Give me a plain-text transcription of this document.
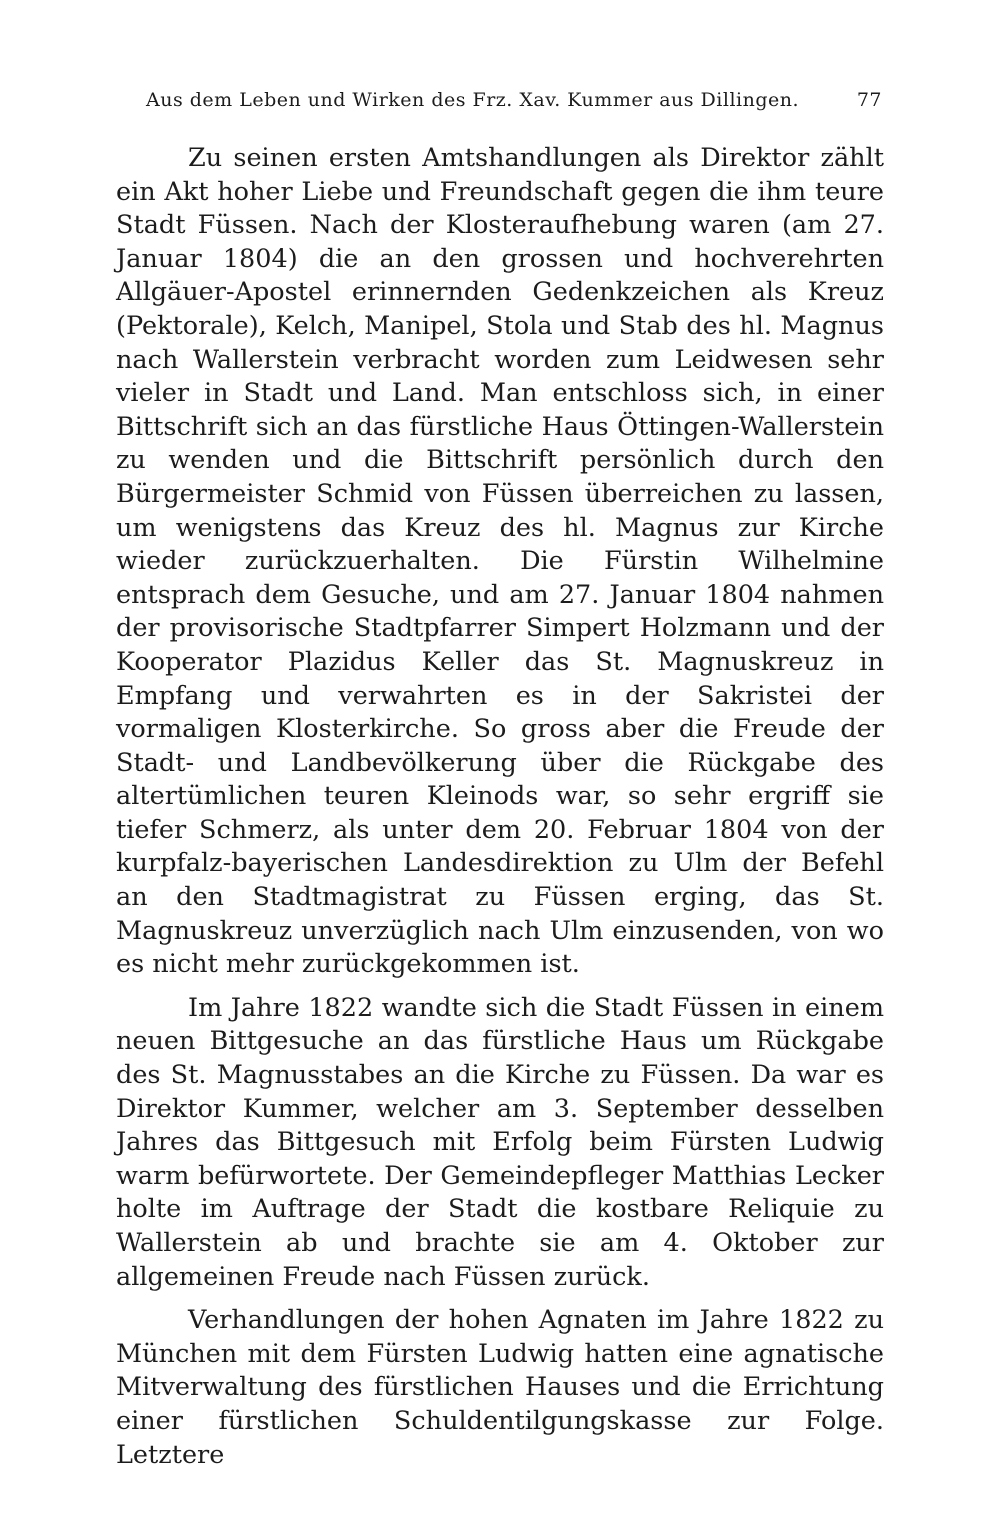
Aus dem Leben und Wirken des Frz. Xav. Kummer aus Dillingen.	77

Zu seinen ersten Amtshandlungen als Direktor zählt ein Akt hoher Liebe und Freundschaft gegen die ihm teure Stadt Füssen. Nach der Klosteraufhebung waren (am 27. Januar 1804) die an den grossen und hochverehrten Allgäuer-Apostel erinnernden Gedenkzeichen als Kreuz (Pektorale), Kelch, Manipel, Stola und Stab des hl. Magnus nach Wallerstein verbracht worden zum Leidwesen sehr vieler in Stadt und Land. Man entschloss sich, in einer Bittschrift sich an das fürstliche Haus Öttingen-Wallerstein zu wenden und die Bittschrift persönlich durch den Bürgermeister Schmid von Füssen überreichen zu lassen, um wenigstens das Kreuz des hl. Magnus zur Kirche wieder zurückzuerhalten. Die Fürstin Wilhelmine entsprach dem Gesuche, und am 27. Januar 1804 nahmen der provisorische Stadtpfarrer Simpert Holzmann und der Kooperator Plazidus Keller das St. Magnuskreuz in Empfang und verwahrten es in der Sakristei der vormaligen Klosterkirche. So gross aber die Freude der Stadt- und Landbevölkerung über die Rückgabe des altertümlichen teuren Kleinods war, so sehr ergriff sie tiefer Schmerz, als unter dem 20. Februar 1804 von der kurpfalz-bayerischen Landesdirektion zu Ulm der Befehl an den Stadtmagistrat zu Füssen erging, das St. Magnuskreuz unverzüglich nach Ulm einzusenden, von wo es nicht mehr zurückgekommen ist.

Im Jahre 1822 wandte sich die Stadt Füssen in einem neuen Bittgesuche an das fürstliche Haus um Rückgabe des St. Magnusstabes an die Kirche zu Füssen. Da war es Direktor Kummer, welcher am 3. September desselben Jahres das Bittgesuch mit Erfolg beim Fürsten Ludwig warm befürwortete. Der Gemeindepfleger Matthias Lecker holte im Auftrage der Stadt die kostbare Reliquie zu Wallerstein ab und brachte sie am 4. Oktober zur allgemeinen Freude nach Füssen zurück.

Verhandlungen der hohen Agnaten im Jahre 1822 zu München mit dem Fürsten Ludwig hatten eine agnatische Mitverwaltung des fürstlichen Hauses und die Errichtung einer fürstlichen Schuldentilgungskasse zur Folge. Letztere
